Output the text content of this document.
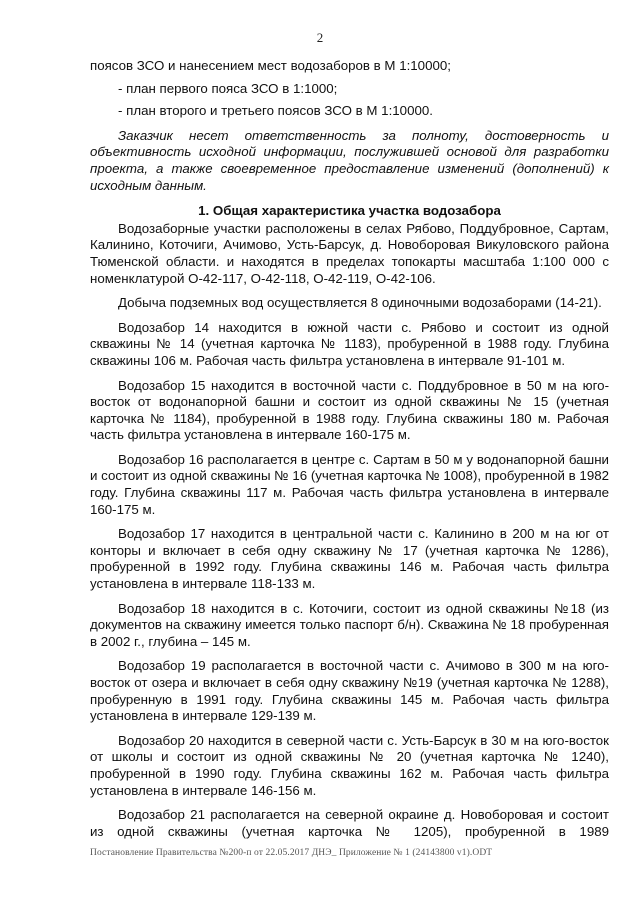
2

поясов ЗСО и нанесением мест водозаборов в М 1:10000;

- план первого пояса ЗСО в 1:1000;

- план второго и третьего поясов ЗСО в М 1:10000.

Заказчик несет ответственность за полноту, достоверность и объективность исходной информации, послужившей основой для разработки проекта, а также своевременное предоставление изменений (дополнений) к исходным данным.

1. Общая характеристика участка водозабора

Водозаборные участки расположены в селах Рябово, Поддубровное, Сартам, Калинино, Коточиги, Ачимово, Усть-Барсук, д. Новоборовая Викуловского района Тюменской области. и находятся в пределах топокарты масштаба 1:100 000 с номенклатурой О-42-117, О-42-118, О-42-119, О-42-106.

Добыча подземных вод осуществляется 8 одиночными водозаборами (14-21).

Водозабор 14 находится в южной части с. Рябово и состоит из одной скважины № 14 (учетная карточка № 1183), пробуренной в 1988 году. Глубина скважины 106 м. Рабочая часть фильтра установлена в интервале 91-101 м.

Водозабор 15 находится в восточной части с. Поддубровное в 50 м на юго-восток от водонапорной башни и состоит из одной скважины № 15 (учетная карточка № 1184), пробуренной в 1988 году. Глубина скважины 180 м. Рабочая часть фильтра установлена в интервале 160-175 м.

Водозабор 16 располагается в центре с. Сартам в 50 м у водонапорной башни и состоит из одной скважины № 16 (учетная карточка № 1008), пробуренной в 1982 году. Глубина скважины 117 м. Рабочая часть фильтра установлена в интервале 160-175 м.

Водозабор 17 находится в центральной части с. Калинино в 200 м на юг от конторы и включает в себя одну скважину № 17 (учетная карточка № 1286), пробуренной в 1992 году. Глубина скважины 146 м. Рабочая часть фильтра установлена в интервале 118-133 м.

Водозабор 18 находится в с. Коточиги, состоит из одной скважины №18 (из документов на скважину имеется только паспорт б/н). Скважина № 18 пробуренная в 2002 г., глубина – 145 м.

Водозабор 19 располагается в восточной части с. Ачимово в 300 м на юго-восток от озера и включает в себя одну скважину №19 (учетная карточка № 1288), пробуренную в 1991 году. Глубина скважины 145 м. Рабочая часть фильтра установлена в интервале 129-139 м.

Водозабор 20 находится в северной части с. Усть-Барсук в 30 м на юго-восток от школы и состоит из одной скважины № 20 (учетная карточка № 1240), пробуренной в 1990 году. Глубина скважины 162 м. Рабочая часть фильтра установлена в интервале 146-156 м.

Водозабор 21 располагается на северной окраине д. Новоборовая и состоит из одной скважины (учетная карточка № 1205), пробуренной в 1989

Постановление Правительства №200-п от 22.05.2017 ДНЭ_ Приложение № 1 (24143800 v1).ODT
